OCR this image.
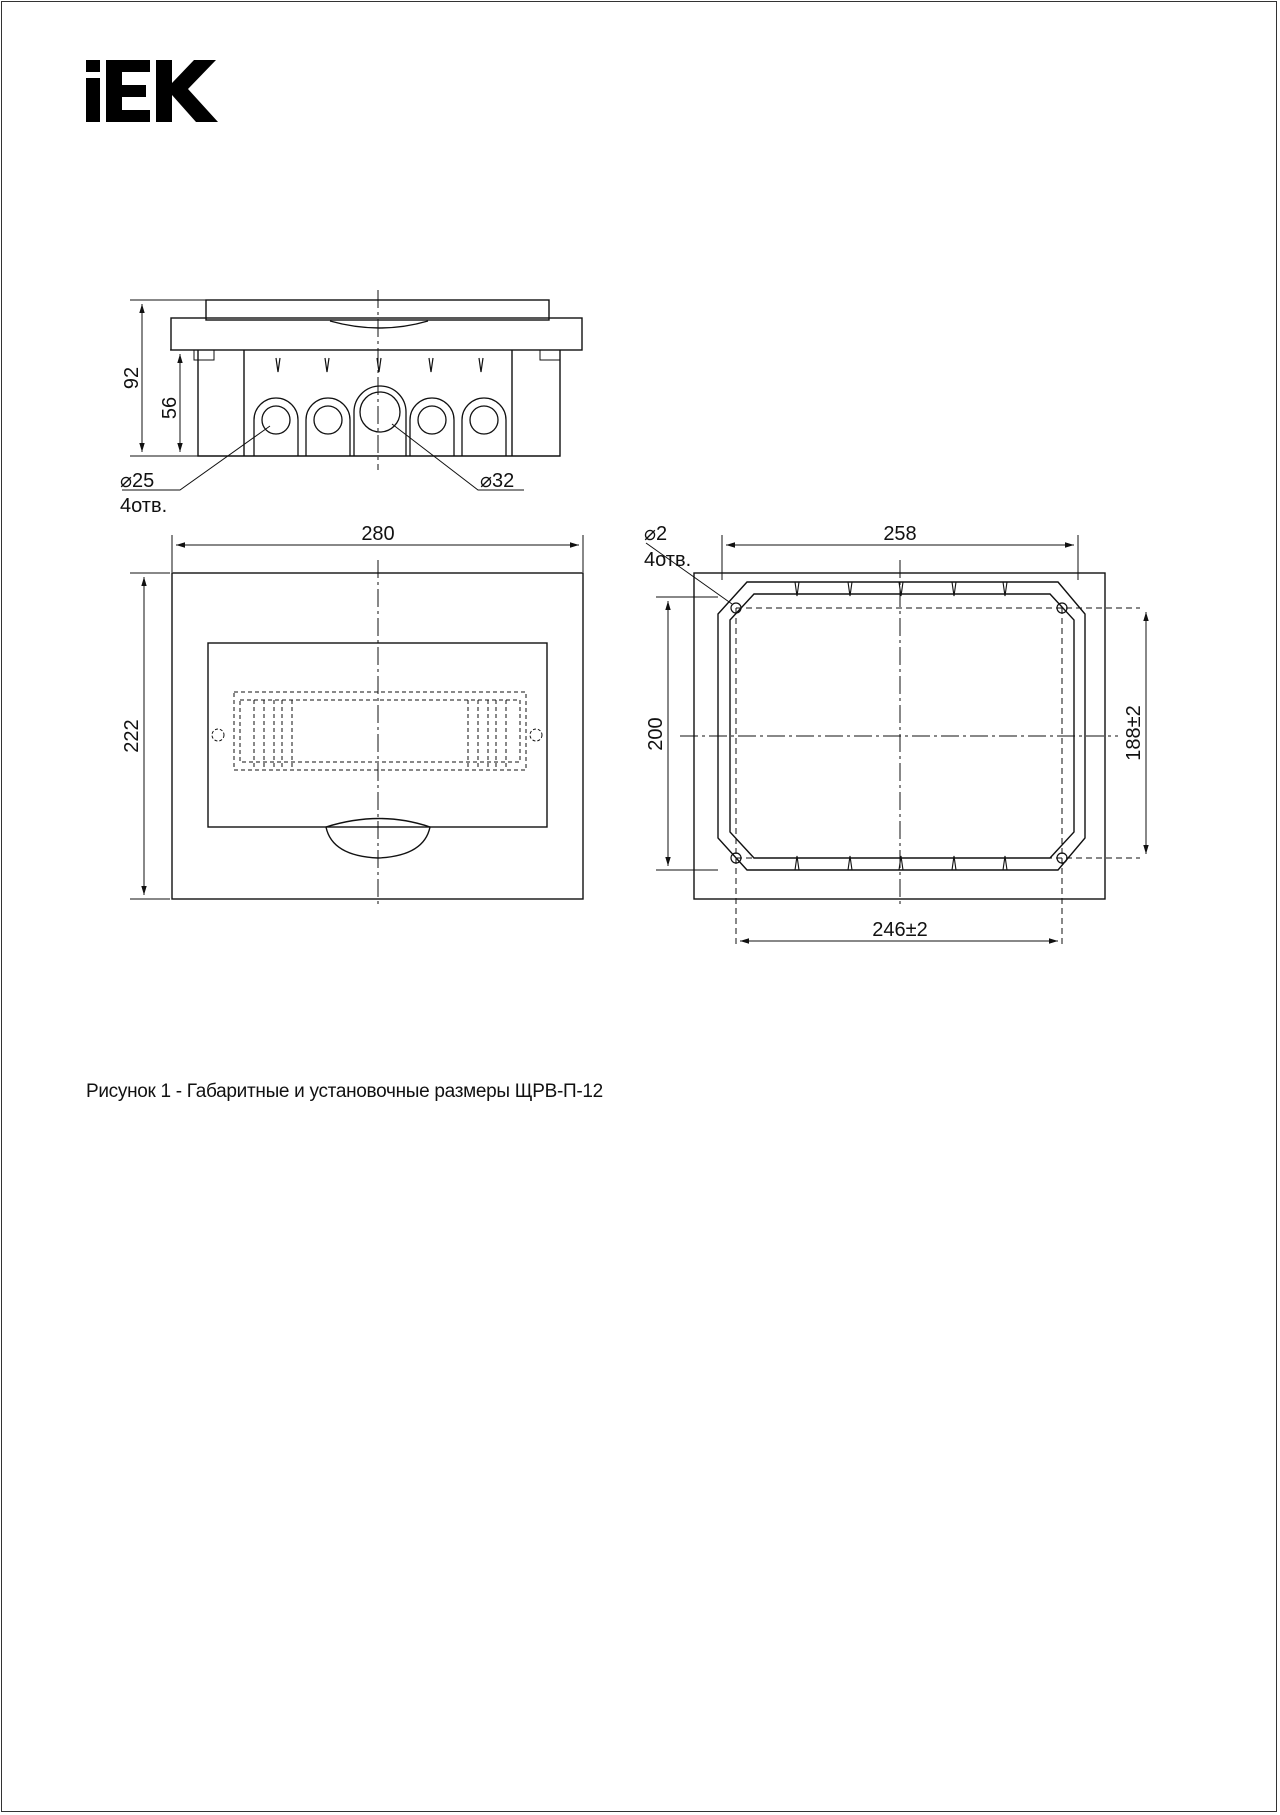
92
56
⌀25
4отв.
⌀32
280
222
258
200
⌀2
4отв.
188±2
246±2
Рисунок 1 - Габаритные и установочные размеры ЩРВ-П-12
